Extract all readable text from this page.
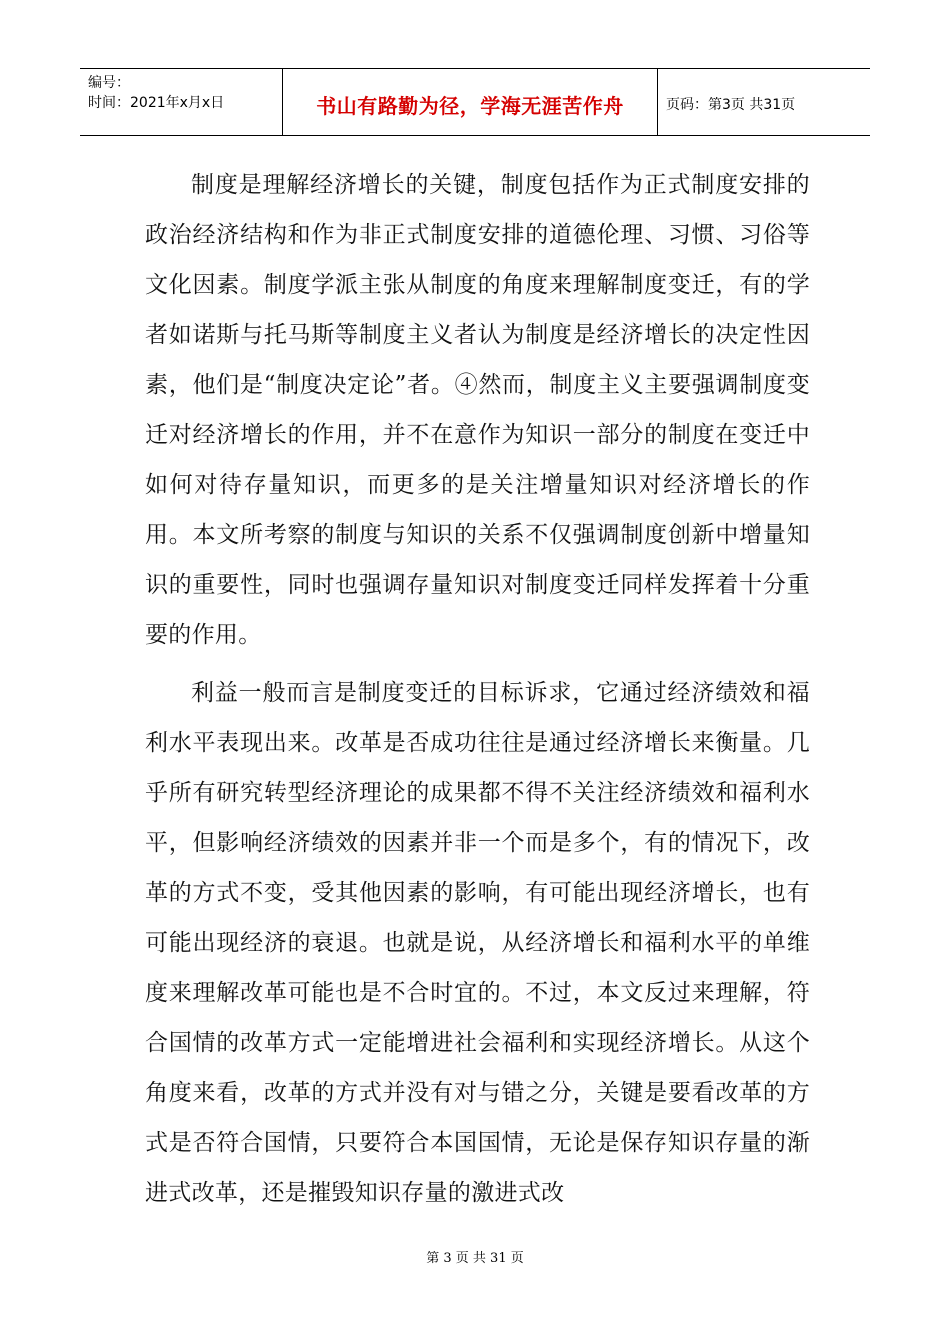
编号：
时间：2021年x月x日	书山有路勤为径，学海无涯苦作舟	页码：第3页 共31页

制度是理解经济增长的关键，制度包括作为正式制度安排的政治经济结构和作为非正式制度安排的道德伦理、习惯、习俗等文化因素。制度学派主张从制度的角度来理解制度变迁，有的学者如诺斯与托马斯等制度主义者认为制度是经济增长的决定性因素，他们是“制度决定论”者。④然而，制度主义主要强调制度变迁对经济增长的作用，并不在意作为知识一部分的制度在变迁中如何对待存量知识，而更多的是关注增量知识对经济增长的作用。本文所考察的制度与知识的关系不仅强调制度创新中增量知识的重要性，同时也强调存量知识对制度变迁同样发挥着十分重要的作用。

利益一般而言是制度变迁的目标诉求，它通过经济绩效和福利水平表现出来。改革是否成功往往是通过经济增长来衡量。几乎所有研究转型经济理论的成果都不得不关注经济绩效和福利水平，但影响经济绩效的因素并非一个而是多个，有的情况下，改革的方式不变，受其他因素的影响，有可能出现经济增长，也有可能出现经济的衰退。也就是说，从经济增长和福利水平的单维度来理解改革可能也是不合时宜的。不过，本文反过来理解，符合国情的改革方式一定能增进社会福利和实现经济增长。从这个角度来看，改革的方式并没有对与错之分，关键是要看改革的方式是否符合国情，只要符合本国国情，无论是保存知识存量的渐进式改革，还是摧毁知识存量的激进式改

第 3 页 共 31 页
